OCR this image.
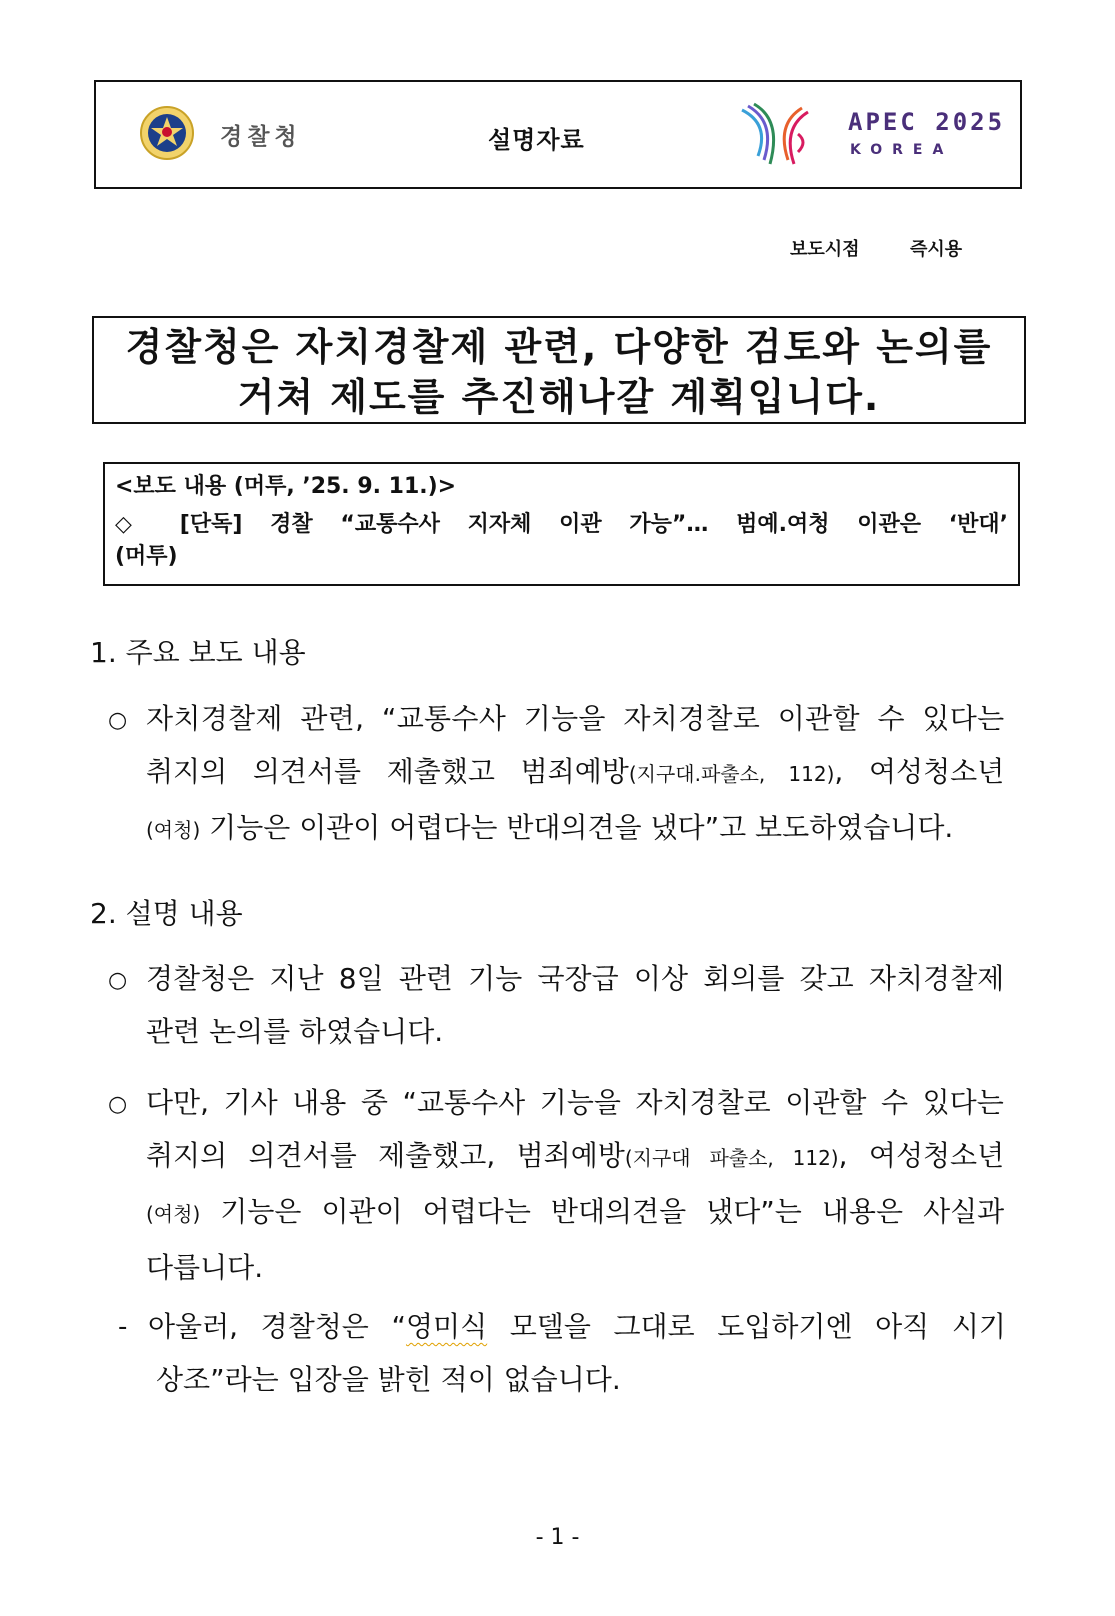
경찰청	설명자료
APEC 2025
KOREA
보도시점	즉시용
경찰청은 자치경찰제 관련, 다양한 검토와 논의를
거쳐 제도를 추진해나갈 계획입니다.
<보도 내용 (머투, ’25. 9. 11.)>
◇ [단독] 경찰 “교통수사 지자체 이관 가능”… 범예.여청 이관은 ‘반대’
(머투)
1. 주요 보도 내용
○ 자치경찰제 관련, “교통수사 기능을 자치경찰로 이관할 수 있다는
취지의 의견서를 제출했고 범죄예방(지구대.파출소, 112), 여성청소년
(여청) 기능은 이관이 어렵다는 반대의견을 냈다”고 보도하였습니다.
2. 설명 내용
○ 경찰청은 지난 8일 관련 기능 국장급 이상 회의를 갖고 자치경찰제
관련 논의를 하였습니다.
○ 다만, 기사 내용 중 “교통수사 기능을 자치경찰로 이관할 수 있다는
취지의 의견서를 제출했고, 범죄예방(지구대 파출소, 112), 여성청소년
(여청) 기능은 이관이 어렵다는 반대의견을 냈다”는 내용은 사실과
다릅니다.
- 아울러, 경찰청은 “영미식 모델을 그대로 도입하기엔 아직 시기
상조”라는 입장을 밝힌 적이 없습니다.
- 1 -
